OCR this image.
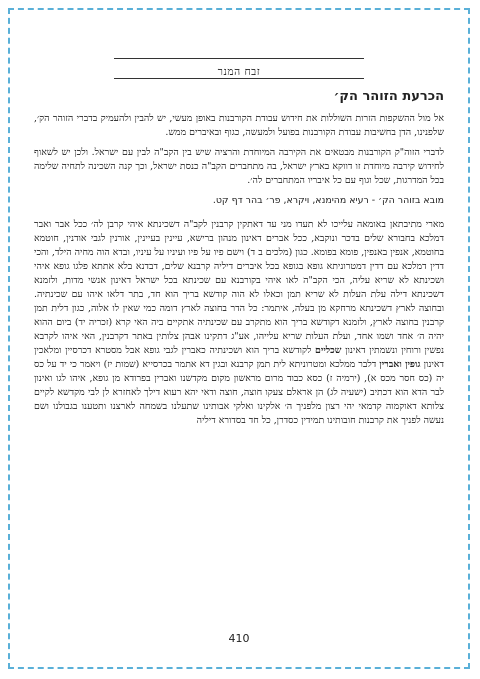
זבח המנר
הכרעת הזוהר הק׳

אל מול ההשקפות הזרות השוללות את חידוש עבודת הקורבנות באופן מעשי, יש להבין ולהעמיק בדברי הזוהר הק׳, שלפנינו, הדן בחשיבות עבודת הקורבנות בפועל ולמעשה, כגוף ובאיברים ממש.

לדברי הזוה"ק הקורבנות מבטאים את הקירבה המיוחדת והרציה שיש בין הקב"ה לבין עם ישראל. ולכן יש לשאוף לחידוש קירבה מיוחדת זו דווקא בארץ ישראל, בה מתחברים הקב"ה כנסת ישראל, וכך קנה השכינה לתחיה שלימה בכל המדרגות, שכל וגוף עם כל איבריו המתחברים לה׳.

מובא בזוהר הק׳ - רעיא מהימנא, ויקרא, פר׳ בהר דף קט.

מארי מתיבתאן באומאה עלייכו לא תעדו מני עד דאתקין קרבנין לקב"ה דשכינתא איהי קרבן לה׳ ככל אבר ואבר דמלכא בחבורא שלים בדכר ונוקבא, ככל אברים דאינון מנהון ברישא, עיינין בעיינין, אורנין לגבי אודנין, חוטמא בחוטמא, אנפין באנפין, פומא בפומא. כגון (מלכים ב ד) וישם פיו על פיו ועיניו על עיניו, ובדא הוה מחיה הילד, והכי דדין דמלכא עם דדין דמטרוניתא גופא בגופא בכל איברים דיליה קרבנא שלים, דבדנא בלא אתתא פלגו גופא איהי ושכינתא לא שריא עליה, הכי הקב"ה לאו איהי בקורבנא עם שכינתא בכל ישראל דאינון אנשי מדות, ולזמנא דשכינתא דילה עלת העלות לא שריא תמן וכאלו לא הוה קודשא בריך הוא חד, בתר דלאו איהו עם שכינתיה. ובחוצה לארץ דשכינתא מרחקא מן בעלה, איתמר: כל הדר בחוצה לארץ דומה כמי שאין לו אלוה, כגון דלית תמן קרבנין בחוצה לארץ, ולזמנא דקודשא בריך הוא מתקרב עם שכינתיה אתקיים ביה האי קרא (זכריה יד) ביום ההוא יהיה ה׳ אחד ושמו אחד, ועלת העלות שריא עלייהו, אע"ג דתקינו אבהן צלותין באתר דקרבנין, האי איהו לקרבא נפשין ורוחין ונשמתין דאינון שכליים לקודשא בריך הוא ושכינתיה כאברין לגבי גופא אבל מסטרא דכרסיין ומלאכין דאינון גופין ואברין דלבר ממלכא ומטרוניתא לית תמן קרבנא ובגין דא אתמר בכרסייא (שמות יז) ויאמר כי יד על כס יה (כס חסר מכס א), (ירמיה ז) כסא כבוד מרום מראשון מקום מקדשנו ואברין בפרודא מן גופא, איהו לגו ואינון לבר הדא הוא דכתיב (ישעיה לג) הן אראלם צעקו חוצה, חוצה ודאי יהא רעוא דילך לאחזרא לן לבי מקדשא לקיים צלותא דאוקמוה קדמאי יהי רצון מלפניך ה׳ אלקינו ואלקי אבותינו שתעלנו בשמחה לארצנו ותטענו בגבולנו ושם נעשה לפניך את קרבנות חובותינו תמידין כסדרן, כל חד בסדורא דיליה

410
